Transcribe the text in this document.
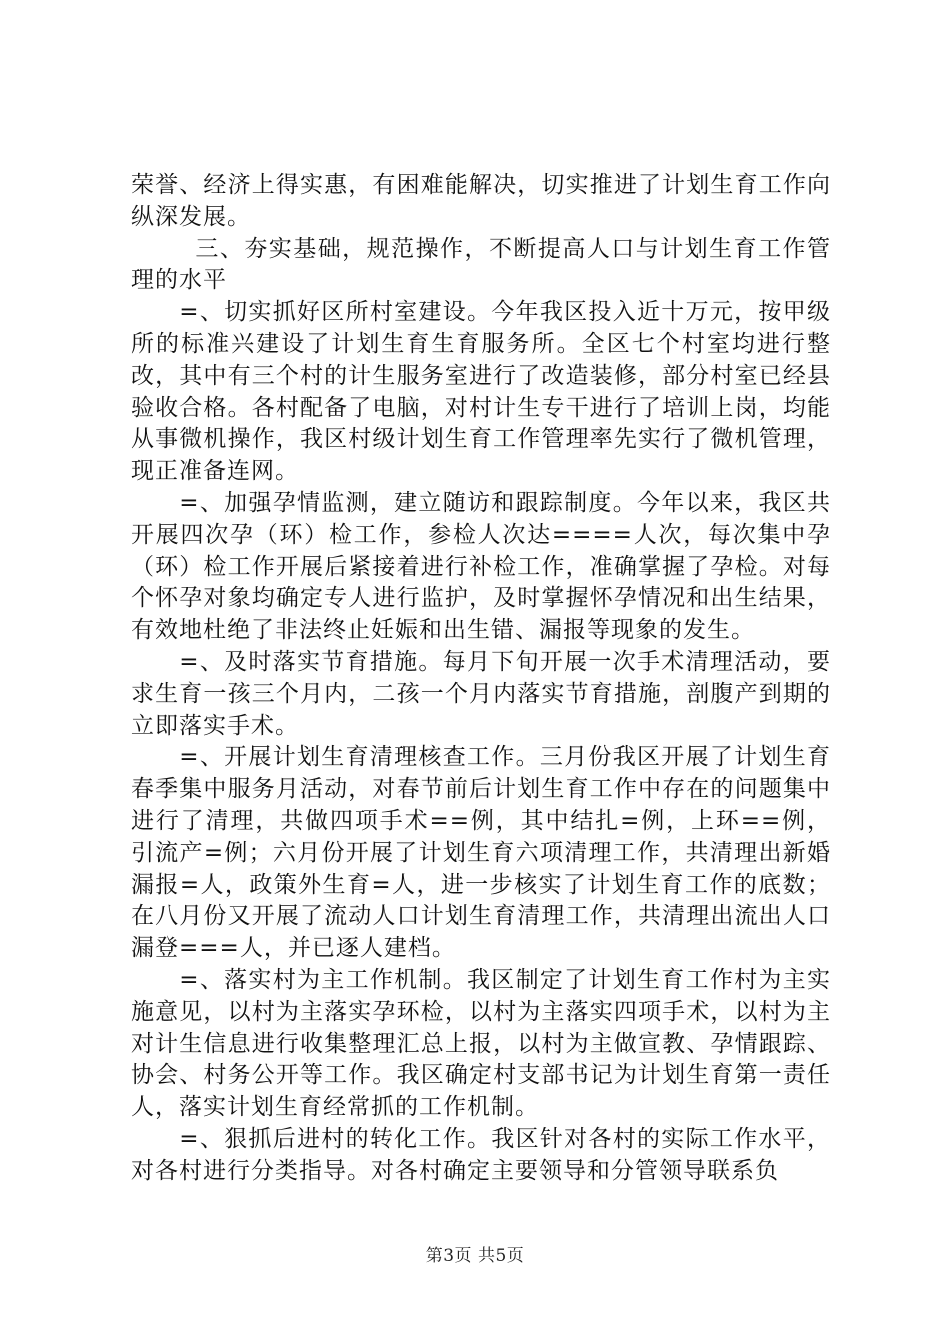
荣誉、经济上得实惠，有困难能解决，切实推进了计划生育工作向纵深发展。

三、夯实基础，规范操作，不断提高人口与计划生育工作管理的水平

=、切实抓好区所村室建设。今年我区投入近十万元，按甲级所的标准兴建设了计划生育生育服务所。全区七个村室均进行整改，其中有三个村的计生服务室进行了改造装修，部分村室已经县验收合格。各村配备了电脑，对村计生专干进行了培训上岗，均能从事微机操作，我区村级计划生育工作管理率先实行了微机管理，现正准备连网。

=、加强孕情监测，建立随访和跟踪制度。今年以来，我区共开展四次孕（环）检工作，参检人次达====人次，每次集中孕（环）检工作开展后紧接着进行补检工作，准确掌握了孕检。对每个怀孕对象均确定专人进行监护，及时掌握怀孕情况和出生结果，有效地杜绝了非法终止妊娠和出生错、漏报等现象的发生。

=、及时落实节育措施。每月下旬开展一次手术清理活动，要求生育一孩三个月内，二孩一个月内落实节育措施，剖腹产到期的立即落实手术。

=、开展计划生育清理核查工作。三月份我区开展了计划生育春季集中服务月活动，对春节前后计划生育工作中存在的问题集中进行了清理，共做四项手术==例，其中结扎=例，上环==例，引流产=例；六月份开展了计划生育六项清理工作，共清理出新婚漏报=人，政策外生育=人，进一步核实了计划生育工作的底数；在八月份又开展了流动人口计划生育清理工作，共清理出流出人口漏登===人，并已逐人建档。

=、落实村为主工作机制。我区制定了计划生育工作村为主实施意见，以村为主落实孕环检，以村为主落实四项手术，以村为主对计生信息进行收集整理汇总上报，以村为主做宣教、孕情跟踪、协会、村务公开等工作。我区确定村支部书记为计划生育第一责任人，落实计划生育经常抓的工作机制。

=、狠抓后进村的转化工作。我区针对各村的实际工作水平，对各村进行分类指导。对各村确定主要领导和分管领导联系负

第3页 共5页
